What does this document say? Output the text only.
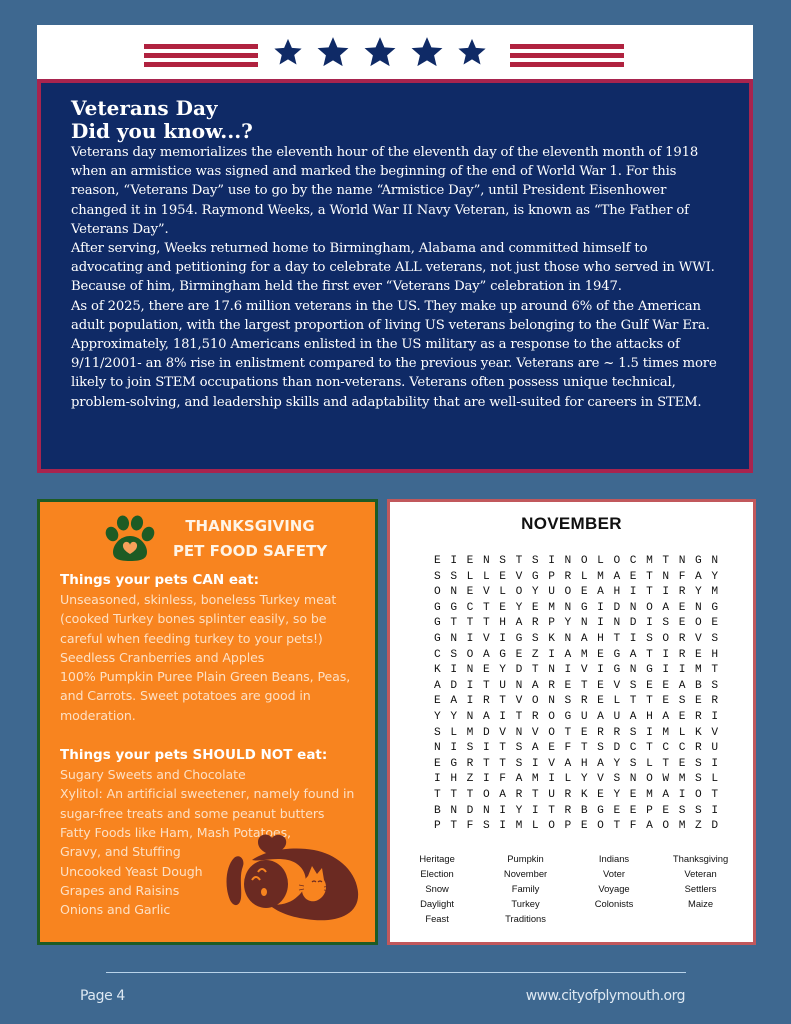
Veterans Day
Did you know...?

Veterans day memorializes the eleventh hour of the eleventh day of the eleventh month of 1918 when an armistice was signed and marked the beginning of the end of World War 1. For this reason, “Veterans Day” use to go by the name “Armistice Day”, until President Eisenhower changed it in 1954. Raymond Weeks, a World War II Navy Veteran, is known as “The Father of Veterans Day”.

After serving, Weeks returned home to Birmingham, Alabama and committed himself to advocating and petitioning for a day to celebrate ALL veterans, not just those who served in WWI. Because of him, Birmingham held the first ever “Veterans Day” celebration in 1947.

As of 2025, there are 17.6 million veterans in the US. They make up around 6% of the American adult population, with the largest proportion of living US veterans belonging to the Gulf War Era. Approximately, 181,510 Americans enlisted in the US military as a response to the attacks of 9/11/2001- an 8% rise in enlistment compared to the previous year. Veterans are ~ 1.5 times more likely to join STEM occupations than non-veterans. Veterans often possess unique technical, problem-solving, and leadership skills and adaptability that are well-suited for careers in STEM.

THANKSGIVING
PET FOOD SAFETY

Things your pets CAN eat:

Unseasoned, skinless, boneless Turkey meat (cooked Turkey bones splinter easily, so be careful when feeding turkey to your pets!)

Seedless Cranberries and Apples

100% Pumpkin Puree Plain Green Beans, Peas, and Carrots. Sweet potatoes are good in moderation.

Things your pets SHOULD NOT eat:

Sugary Sweets and Chocolate

Xylitol: An artificial sweetener, namely found in sugar-free treats and some peanut butters

Fatty Foods like Ham, Mash Potatoes, Gravy, and Stuffing

Uncooked Yeast Dough

Grapes and Raisins

Onions and Garlic

NOVEMBER
EIENSTSINOLOCMTNGN
SSLLEVGPRLMAETNFAY
ONEVLOYUOEAHITIRYM
GGCTEYEMNGIDNOAENG
GTTTHARPYNINDISEOE
GNIVIGSKNAHTISORVS
CSOAGEZIAMEGATIREH
KINEYDTNIVIGNGIIMT
ADITUNARETEVSEEABS
EAIRTVONSRELTTESER
YYNAITROGUAUAHAERI
SLMDVNVOTERRSIMLKV
NISITSAEFTSDCTCCRU
EGRTTSIVAHAYSLTESI
IHZIFAMILYVSNOWMSL
TTTOARTURKEYEMAIOT
BNDNIYITRBGEEPESSI
PTFSIMLOPEOTFAOMZD
Heritage
Election
Snow
Daylight
Feast
Pumpkin
November
Family
Turkey
Traditions
Indians
Voter
Voyage
Colonists
Thanksgiving
Veteran
Settlers
Maize
Page 4	www.cityofplymouth.org
